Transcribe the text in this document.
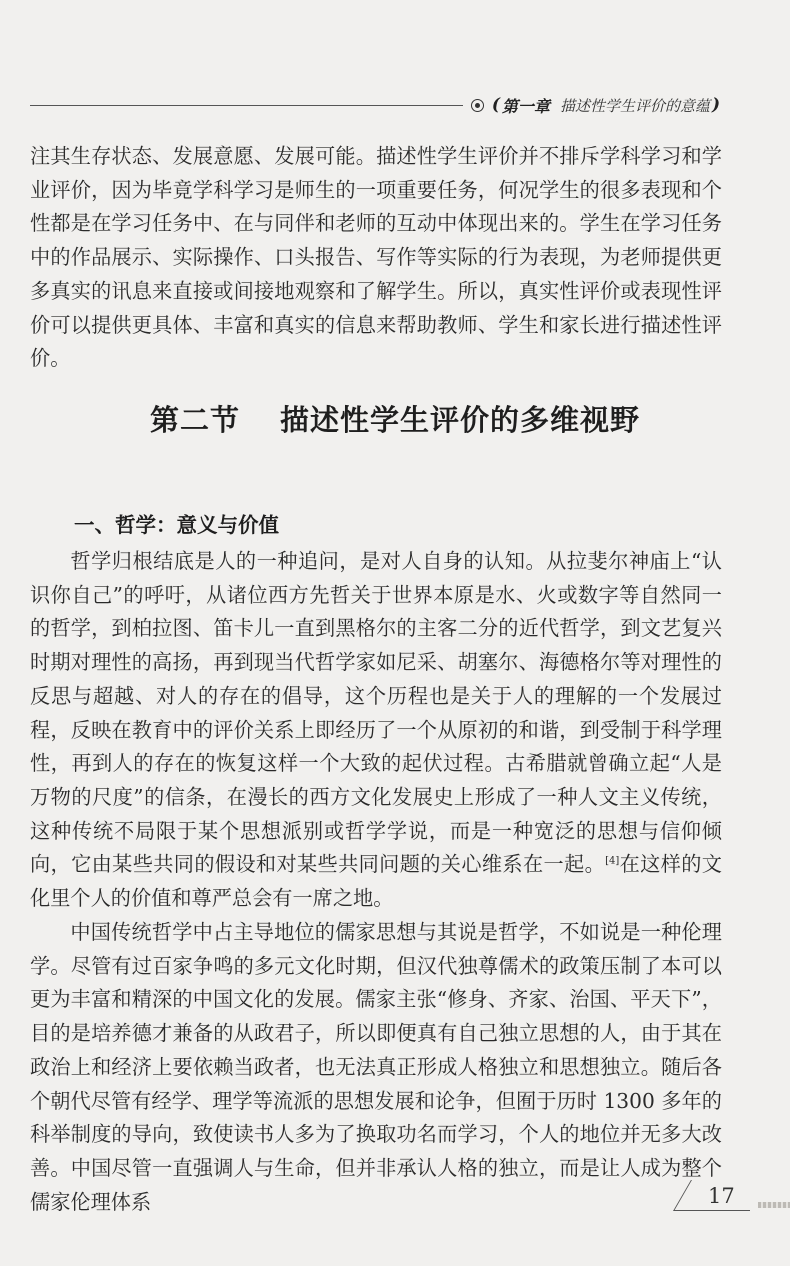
( 第一章 描述性学生评价的意蕴 )

注其生存状态、发展意愿、发展可能。描述性学生评价并不排斥学科学习和学业评价，因为毕竟学科学习是师生的一项重要任务，何况学生的很多表现和个性都是在学习任务中、在与同伴和老师的互动中体现出来的。学生在学习任务中的作品展示、实际操作、口头报告、写作等实际的行为表现，为老师提供更多真实的讯息来直接或间接地观察和了解学生。所以，真实性评价或表现性评价可以提供更具体、丰富和真实的信息来帮助教师、学生和家长进行描述性评价。

第二节 描述性学生评价的多维视野
一、哲学：意义与价值

哲学归根结底是人的一种追问，是对人自身的认知。从拉斐尔神庙上“认识你自己”的呼吁，从诸位西方先哲关于世界本原是水、火或数字等自然同一的哲学，到柏拉图、笛卡儿一直到黑格尔的主客二分的近代哲学，到文艺复兴时期对理性的高扬，再到现当代哲学家如尼采、胡塞尔、海德格尔等对理性的反思与超越、对人的存在的倡导，这个历程也是关于人的理解的一个发展过程，反映在教育中的评价关系上即经历了一个从原初的和谐，到受制于科学理性，再到人的存在的恢复这样一个大致的起伏过程。古希腊就曾确立起“人是万物的尺度”的信条，在漫长的西方文化发展史上形成了一种人文主义传统，这种传统不局限于某个思想派别或哲学学说，而是一种宽泛的思想与信仰倾向，它由某些共同的假设和对某些共同问题的关心维系在一起。[4]在这样的文化里个人的价值和尊严总会有一席之地。

中国传统哲学中占主导地位的儒家思想与其说是哲学，不如说是一种伦理学。尽管有过百家争鸣的多元文化时期，但汉代独尊儒术的政策压制了本可以更为丰富和精深的中国文化的发展。儒家主张“修身、齐家、治国、平天下”，目的是培养德才兼备的从政君子，所以即便真有自己独立思想的人，由于其在政治上和经济上要依赖当政者，也无法真正形成人格独立和思想独立。随后各个朝代尽管有经学、理学等流派的思想发展和论争，但囿于历时 1300 多年的科举制度的导向，致使读书人多为了换取功名而学习，个人的地位并无多大改善。中国尽管一直强调人与生命，但并非承认人格的独立，而是让人成为整个儒家伦理体系	17
